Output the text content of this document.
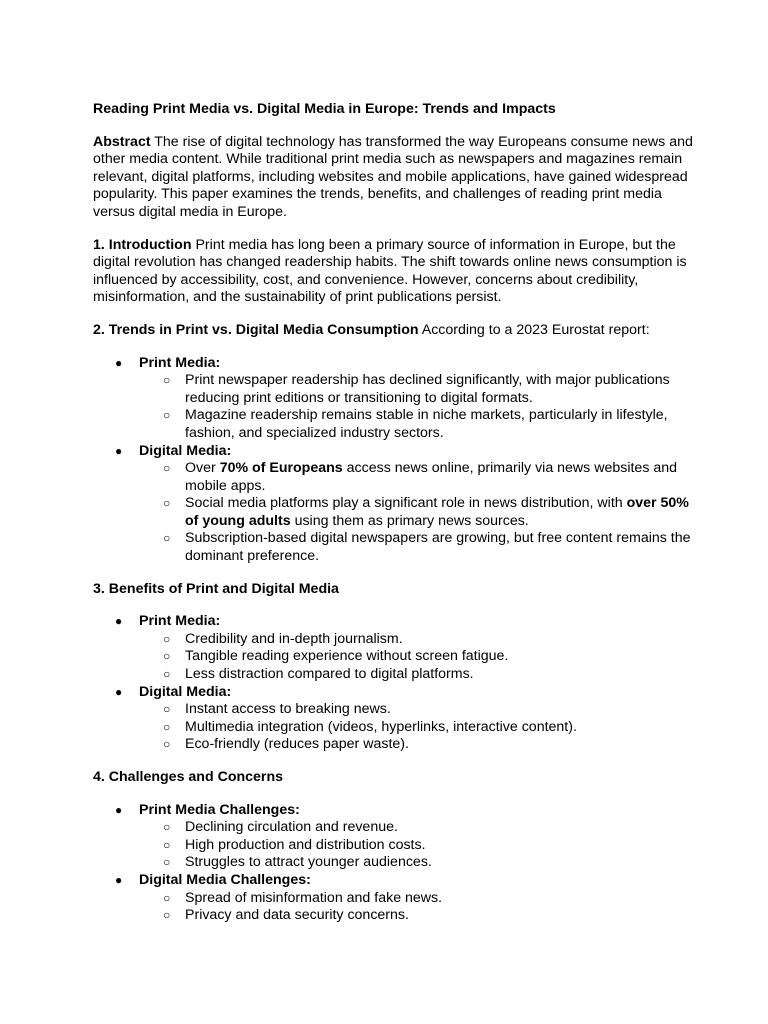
Reading Print Media vs. Digital Media in Europe: Trends and Impacts

Abstract The rise of digital technology has transformed the way Europeans consume news and other media content. While traditional print media such as newspapers and magazines remain relevant, digital platforms, including websites and mobile applications, have gained widespread popularity. This paper examines the trends, benefits, and challenges of reading print media versus digital media in Europe.

1. Introduction Print media has long been a primary source of information in Europe, but the digital revolution has changed readership habits. The shift towards online news consumption is influenced by accessibility, cost, and convenience. However, concerns about credibility, misinformation, and the sustainability of print publications persist.

2. Trends in Print vs. Digital Media Consumption According to a 2023 Eurostat report:

● Print Media:
○ Print newspaper readership has declined significantly, with major publications reducing print editions or transitioning to digital formats.
○ Magazine readership remains stable in niche markets, particularly in lifestyle, fashion, and specialized industry sectors.
● Digital Media:
○ Over 70% of Europeans access news online, primarily via news websites and mobile apps.
○ Social media platforms play a significant role in news distribution, with over 50% of young adults using them as primary news sources.
○ Subscription-based digital newspapers are growing, but free content remains the dominant preference.
3. Benefits of Print and Digital Media
● Print Media:
○ Credibility and in-depth journalism.
○ Tangible reading experience without screen fatigue.
○ Less distraction compared to digital platforms.
● Digital Media:
○ Instant access to breaking news.
○ Multimedia integration (videos, hyperlinks, interactive content).
○ Eco-friendly (reduces paper waste).
4. Challenges and Concerns
● Print Media Challenges:
○ Declining circulation and revenue.
○ High production and distribution costs.
○ Struggles to attract younger audiences.
● Digital Media Challenges:
○ Spread of misinformation and fake news.
○ Privacy and data security concerns.
